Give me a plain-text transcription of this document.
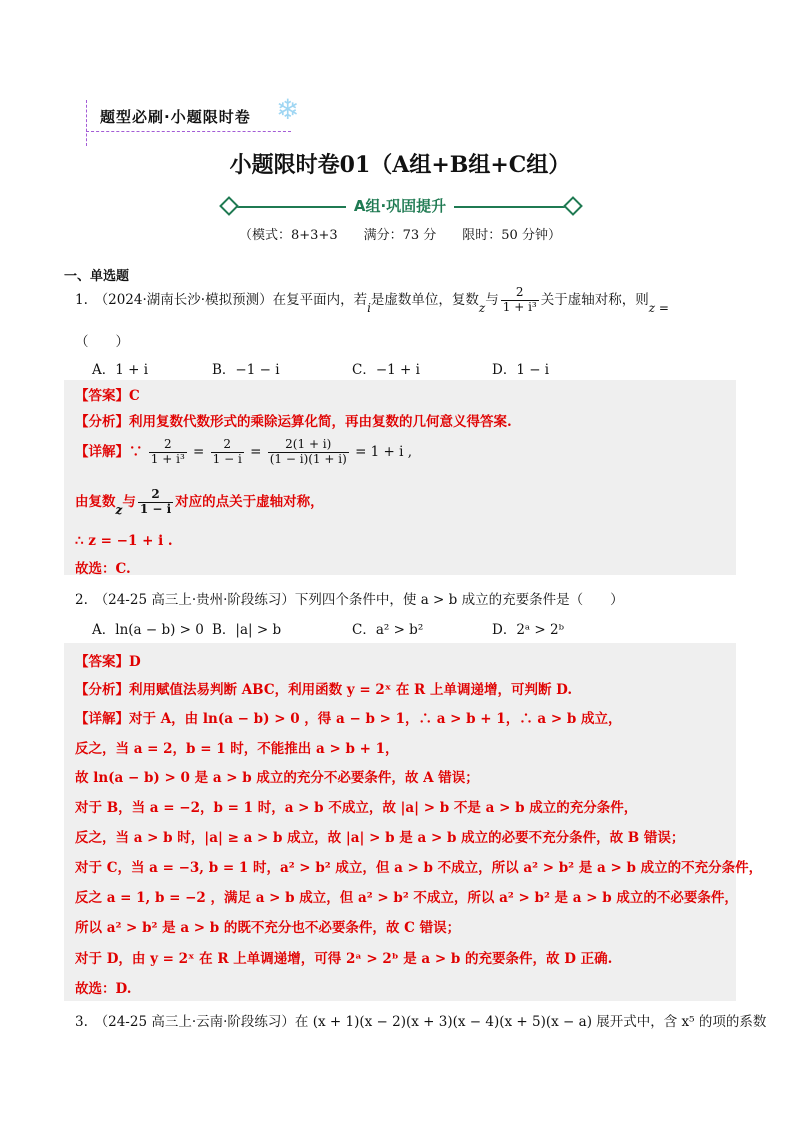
题型必刷·小题限时卷 ❄
小题限时卷01（A组+B组+C组）
A组·巩固提升
（模式：8+3+3　　满分：73 分　　限时：50 分钟）
一、单选题
1.　（2024·湖南长沙·模拟预测）在复平面内，若i是虚数单位，复数z与 $\frac{2}{\text{1 + i³}}$ 关于虚轴对称，则z =
（　　）
A．1 + i	B．−1 − i	C．−1 + i	D．1 − i
【答案】C
【分析】利用复数代数形式的乘除运算化简，再由复数的几何意义得答案.
【详解】∵ $\frac{2}{\text{1 + i³}} = \frac{2}{1 - i} = \frac{2(1 + i)}{(1 - i)(1 + i)} = 1 + i$ ,
由复数z与 $\frac{2}{1 - i}$ 对应的点关于虚轴对称，
∴ z = −1 + i .
故选：C.
2.　（24-25 高三上·贵州·阶段练习）下列四个条件中，使 a > b 成立的充要条件是（　　）
A．ln(a − b) > 0 B．|a| > b	C．a² > b²	D．2ᵃ > 2ᵇ
【答案】D
【分析】利用赋值法易判断 ABC，利用函数 y = 2ˣ 在 R 上单调递增，可判断 D.
【详解】对于 A，由 ln(a − b) > 0 ，得 a − b > 1，∴ a > b + 1，∴ a > b 成立，
反之，当 a = 2，b = 1 时，不能推出 a > b + 1，
故 ln(a − b) > 0 是 a > b 成立的充分不必要条件，故 A 错误；
对于 B，当 a = −2，b = 1 时，a > b 不成立，故 |a| > b 不是 a > b 成立的充分条件，
反之，当 a > b 时，|a| ≥ a > b 成立，故 |a| > b 是 a > b 成立的必要不充分条件，故 B 错误；
对于 C，当 a = −3, b = 1 时，a² > b² 成立，但 a > b 不成立，所以 a² > b² 是 a > b 成立的不充分条件，
反之 a = 1, b = −2 ，满足 a > b 成立，但 a² > b² 不成立，所以 a² > b² 是 a > b 成立的不必要条件，
所以 a² > b² 是 a > b 的既不充分也不必要条件，故 C 错误；
对于 D，由 y = 2ˣ 在 R 上单调递增，可得 2ᵃ > 2ᵇ 是 a > b 的充要条件，故 D 正确.
故选：D.
3.　（24-25 高三上·云南·阶段练习）在 (x + 1)(x − 2)(x + 3)(x − 4)(x + 5)(x − a) 展开式中，含 x⁵ 的项的系数
